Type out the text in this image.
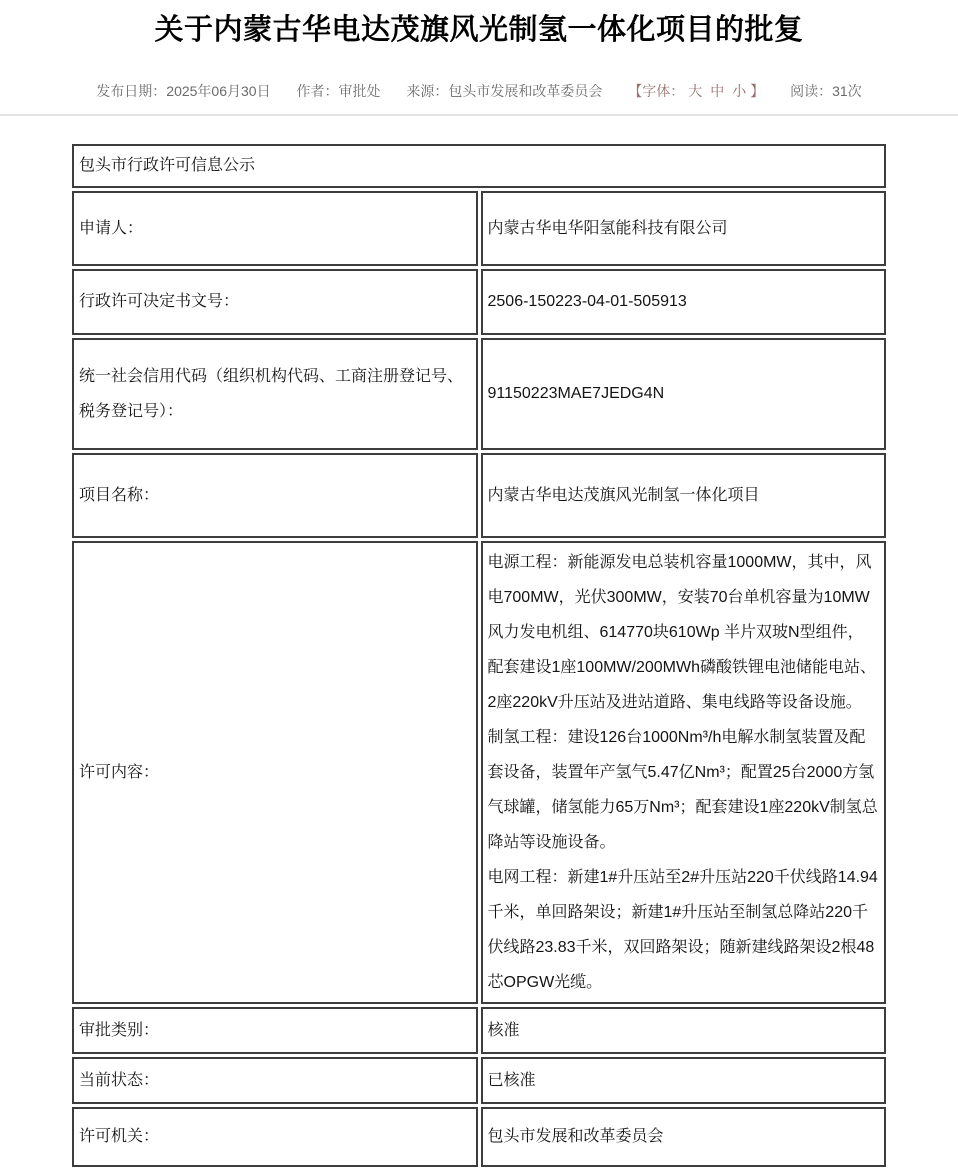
关于内蒙古华电达茂旗风光制氢一体化项目的批复
发布日期：2025年06月30日 作者：审批处 来源：包头市发展和改革委员会 【字体： 大 中 小 】 阅读：31次
包头市行政许可信息公示	
申请人：	内蒙古华电华阳氢能科技有限公司
行政许可决定书文号：	2506-150223-04-01-505913
统一社会信用代码（组织机构代码、工商注册登记号、税务登记号）：	91150223MAE7JEDG4N
项目名称：	内蒙古华电达茂旗风光制氢一体化项目
许可内容：	电源工程：新能源发电总装机容量1000MW，其中，风电700MW，光伏300MW，安装70台单机容量为10MW风力发电机组、614770块610Wp 半片双玻N型组件，配套建设1座100MW/200MWh磷酸铁锂电池储能电站、2座220kV升压站及进站道路、集电线路等设备设施。
制氢工程：建设126台1000Nm³/h电解水制氢装置及配套设备，装置年产氢气5.47亿Nm³；配置25台2000方氢气球罐，储氢能力65万Nm³；配套建设1座220kV制氢总降站等设施设备。
电网工程：新建1#升压站至2#升压站220千伏线路14.94千米，单回路架设；新建1#升压站至制氢总降站220千伏线路23.83千米，双回路架设；随新建线路架设2根48芯OPGW光缆。

审批类别：	核准
当前状态：	已核准
许可机关：	包头市发展和改革委员会
